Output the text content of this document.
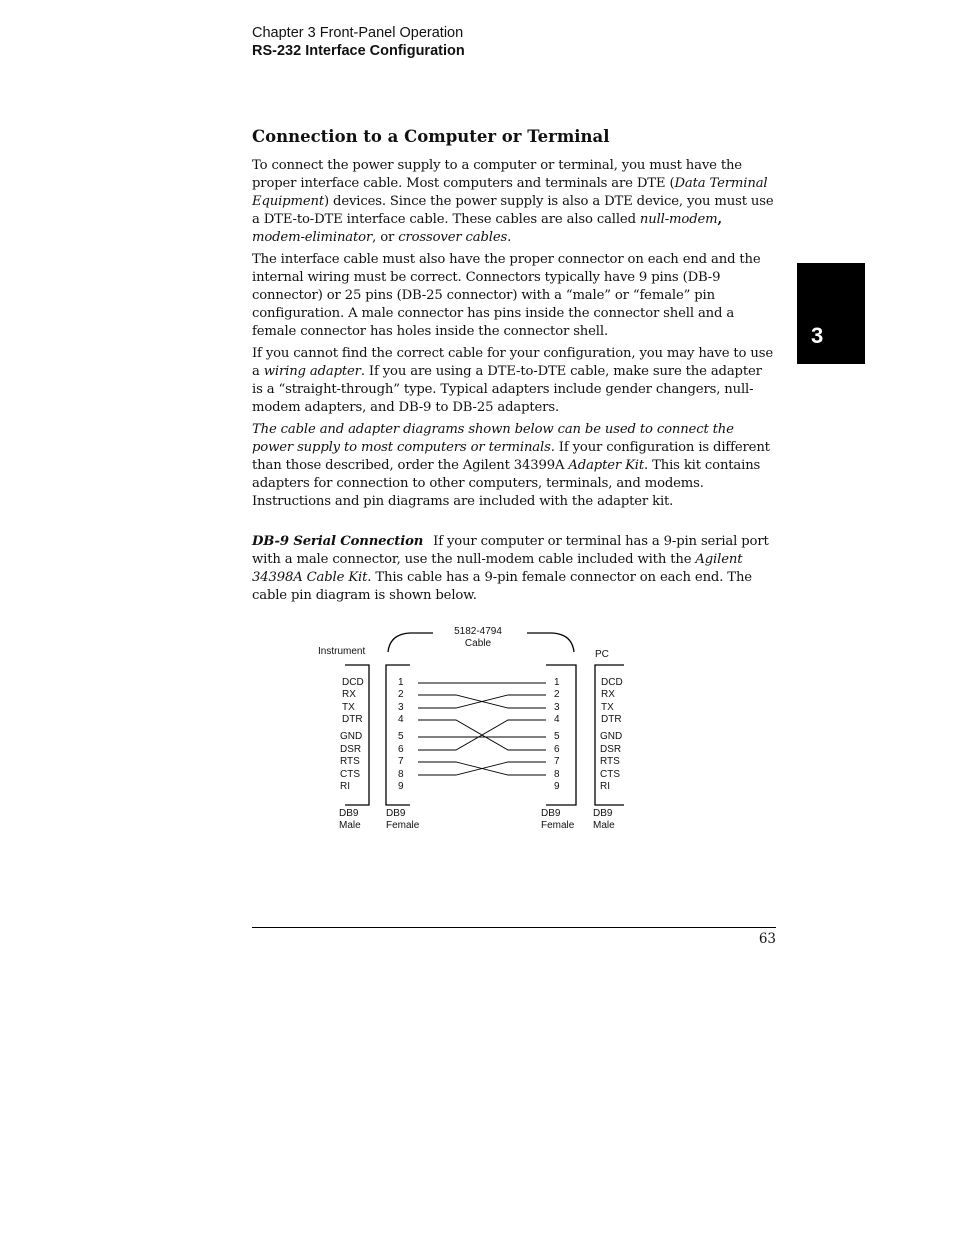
Chapter 3 Front-Panel Operation
RS-232 Interface Configuration
3
Connection to a Computer or Terminal

To connect the power supply to a computer or terminal, you must have the proper interface cable. Most computers and terminals are DTE (Data Terminal Equipment) devices. Since the power supply is also a DTE device, you must use a DTE-to-DTE interface cable. These cables are also called null-modem, modem-eliminator, or crossover cables.

The interface cable must also have the proper connector on each end and the internal wiring must be correct. Connectors typically have 9 pins (DB-9 connector) or 25 pins (DB-25 connector) with a “male” or “female” pin configuration. A male connector has pins inside the connector shell and a female connector has holes inside the connector shell.

If you cannot find the correct cable for your configuration, you may have to use a wiring adapter. If you are using a DTE-to-DTE cable, make sure the adapter is a “straight-through” type. Typical adapters include gender changers, null-modem adapters, and DB-9 to DB-25 adapters.

The cable and adapter diagrams shown below can be used to connect the power supply to most computers or terminals. If your configuration is different than those described, order the Agilent 34399A Adapter Kit. This kit contains adapters for connection to other computers, terminals, and modems. Instructions and pin diagrams are included with the adapter kit.

DB-9 Serial Connection If your computer or terminal has a 9-pin serial port with a male connector, use the null-modem cable included with the Agilent 34398A Cable Kit. This cable has a 9-pin female connector on each end. The cable pin diagram is shown below.

5182-4794
Cable
Instrument	PC
DCD
RX
TX
DTR
GND
DSR
RTS
CTS
RI
1
2
3
4
5
6
7
8
9
1
2
3
4
5
6
7
8
9
DCD
RX
TX
DTR
GND
DSR
RTS
CTS
RI
DB9
Male
DB9
Female
DB9
Female
DB9
Male
63
